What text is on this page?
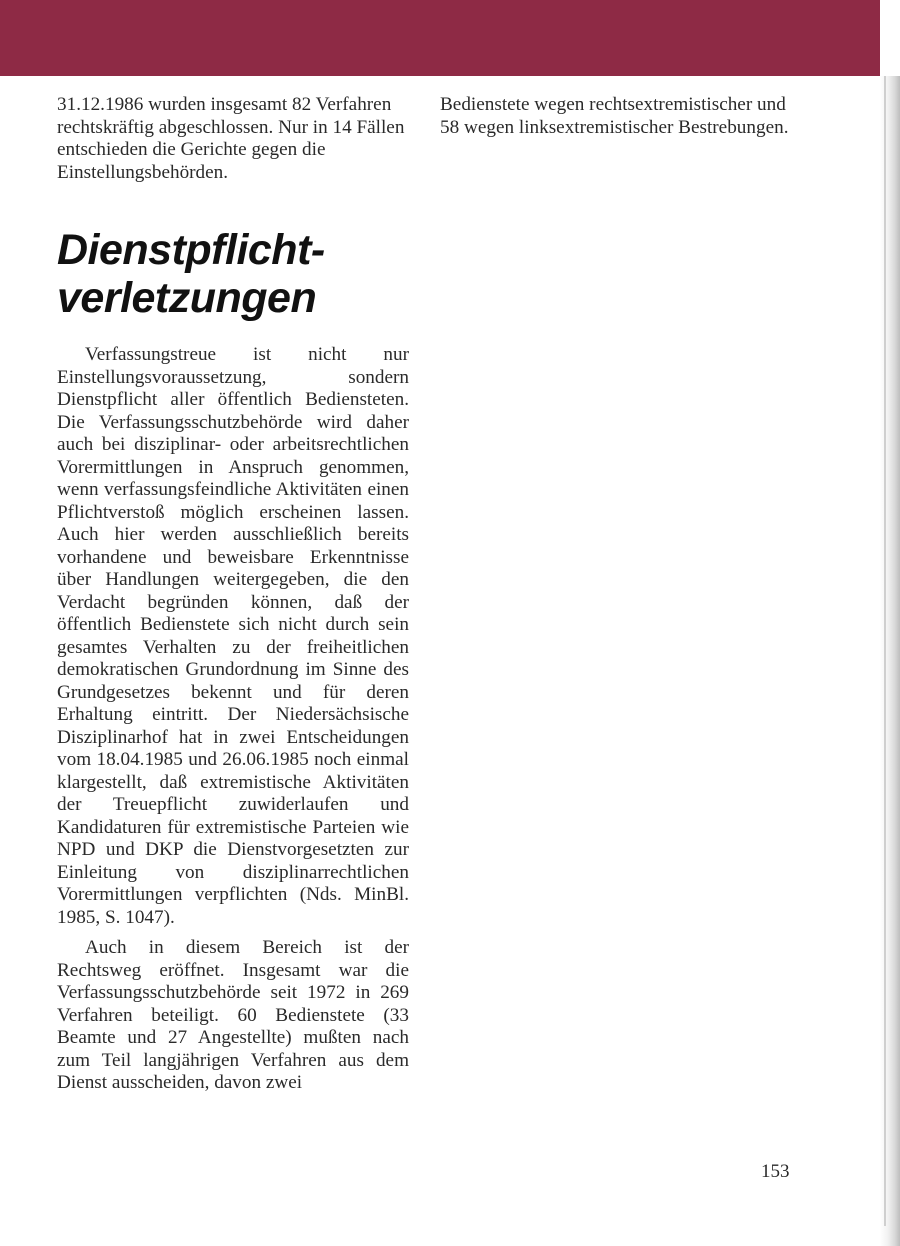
31.12.1986 wurden insgesamt 82 Verfahren rechtskräftig abgeschlossen. Nur in 14 Fällen entschieden die Gerichte gegen die Einstellungsbehörden.

Bedienstete wegen rechtsextremistischer und 58 wegen linksextremistischer Bestrebungen.

Dienstpflicht-
verletzungen

Verfassungstreue ist nicht nur Einstellungsvoraussetzung, sondern Dienstpflicht aller öffentlich Bediensteten. Die Verfassungsschutzbehörde wird daher auch bei disziplinar- oder arbeitsrechtlichen Vorermittlungen in Anspruch genommen, wenn verfassungsfeindliche Aktivitäten einen Pflichtverstoß möglich erscheinen lassen. Auch hier werden ausschließlich bereits vorhandene und beweisbare Erkenntnisse über Handlungen weitergegeben, die den Verdacht begründen können, daß der öffentlich Bedienstete sich nicht durch sein gesamtes Verhalten zu der freiheitlichen demokratischen Grundordnung im Sinne des Grundgesetzes bekennt und für deren Erhaltung eintritt. Der Niedersächsische Disziplinarhof hat in zwei Entscheidungen vom 18.04.1985 und 26.06.1985 noch einmal klargestellt, daß extremistische Aktivitäten der Treuepflicht zuwiderlaufen und Kandidaturen für extremistische Parteien wie NPD und DKP die Dienstvorgesetzten zur Einleitung von disziplinarrechtlichen Vorermittlungen verpflichten (Nds. MinBl. 1985, S. 1047).

Auch in diesem Bereich ist der Rechtsweg eröffnet. Insgesamt war die Verfassungsschutzbehörde seit 1972 in 269 Verfahren beteiligt. 60 Bedienstete (33 Beamte und 27 Angestellte) mußten nach zum Teil langjährigen Verfahren aus dem Dienst ausscheiden, davon zwei

153
